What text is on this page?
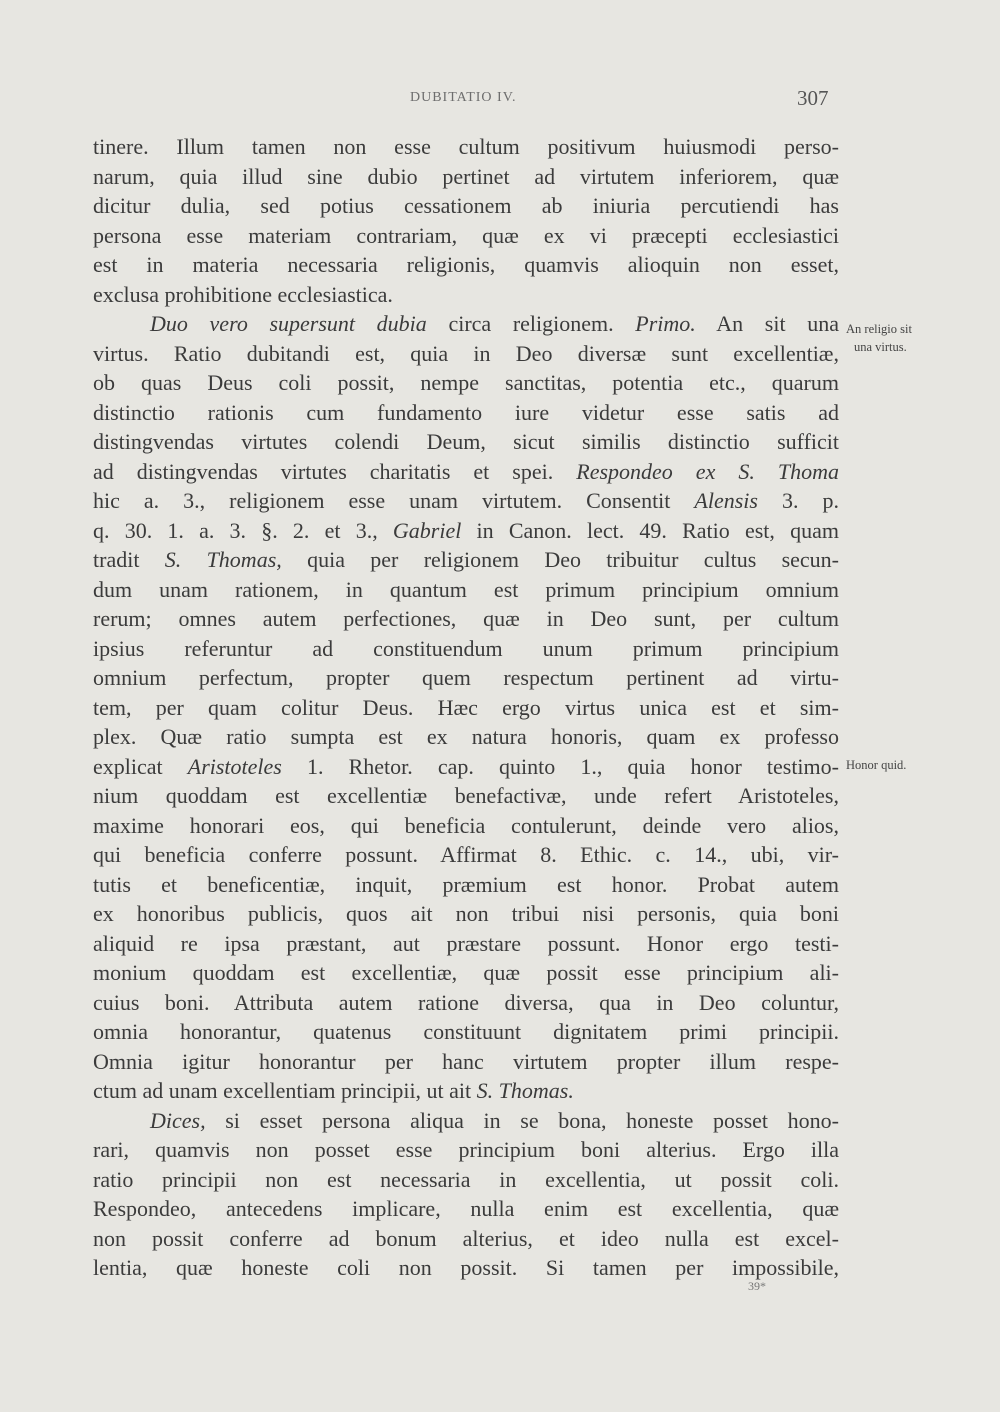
DUBITATIO IV.	307
tinere. Illum tamen non esse cultum positivum huiusmodi perso-
narum, quia illud sine dubio pertinet ad virtutem inferiorem, quæ
dicitur dulia, sed potius cessationem ab iniuria percutiendi has
persona esse materiam contrariam, quæ ex vi præcepti ecclesiastici
est in materia necessaria religionis, quamvis alioquin non esset,
exclusa prohibitione ecclesiastica.
Duo vero supersunt dubia circa religionem. Primo. An sit una
virtus. Ratio dubitandi est, quia in Deo diversæ sunt excellentiæ,
ob quas Deus coli possit, nempe sanctitas, potentia etc., quarum
distinctio rationis cum fundamento iure videtur esse satis ad
distingvendas virtutes colendi Deum, sicut similis distinctio sufficit
ad distingvendas virtutes charitatis et spei. Respondeo ex S. Thoma
hic a. 3., religionem esse unam virtutem. Consentit Alensis 3. p.
q. 30. 1. a. 3. §. 2. et 3., Gabriel in Canon. lect. 49. Ratio est, quam
tradit S. Thomas, quia per religionem Deo tribuitur cultus secun-
dum unam rationem, in quantum est primum principium omnium
rerum; omnes autem perfectiones, quæ in Deo sunt, per cultum
ipsius referuntur ad constituendum unum primum principium
omnium perfectum, propter quem respectum pertinent ad virtu-
tem, per quam colitur Deus. Hæc ergo virtus unica est et sim-
plex. Quæ ratio sumpta est ex natura honoris, quam ex professo
explicat Aristoteles 1. Rhetor. cap. quinto 1., quia honor testimo-
nium quoddam est excellentiæ benefactivæ, unde refert Aristoteles,
maxime honorari eos, qui beneficia contulerunt, deinde vero alios,
qui beneficia conferre possunt. Affirmat 8. Ethic. c. 14., ubi, vir-
tutis et beneficentiæ, inquit, præmium est honor. Probat autem
ex honoribus publicis, quos ait non tribui nisi personis, quia boni
aliquid re ipsa præstant, aut præstare possunt. Honor ergo testi-
monium quoddam est excellentiæ, quæ possit esse principium ali-
cuius boni. Attributa autem ratione diversa, qua in Deo coluntur,
omnia honorantur, quatenus constituunt dignitatem primi principii.
Omnia igitur honorantur per hanc virtutem propter illum respe-
ctum ad unam excellentiam principii, ut ait S. Thomas.
Dices, si esset persona aliqua in se bona, honeste posset hono-
rari, quamvis non posset esse principium boni alterius. Ergo illa
ratio principii non est necessaria in excellentia, ut possit coli.
Respondeo, antecedens implicare, nulla enim est excellentia, quæ
non possit conferre ad bonum alterius, et ideo nulla est excel-
lentia, quæ honeste coli non possit. Si tamen per impossibile,
An religio sit
una virtus.
Honor quid.
39*
